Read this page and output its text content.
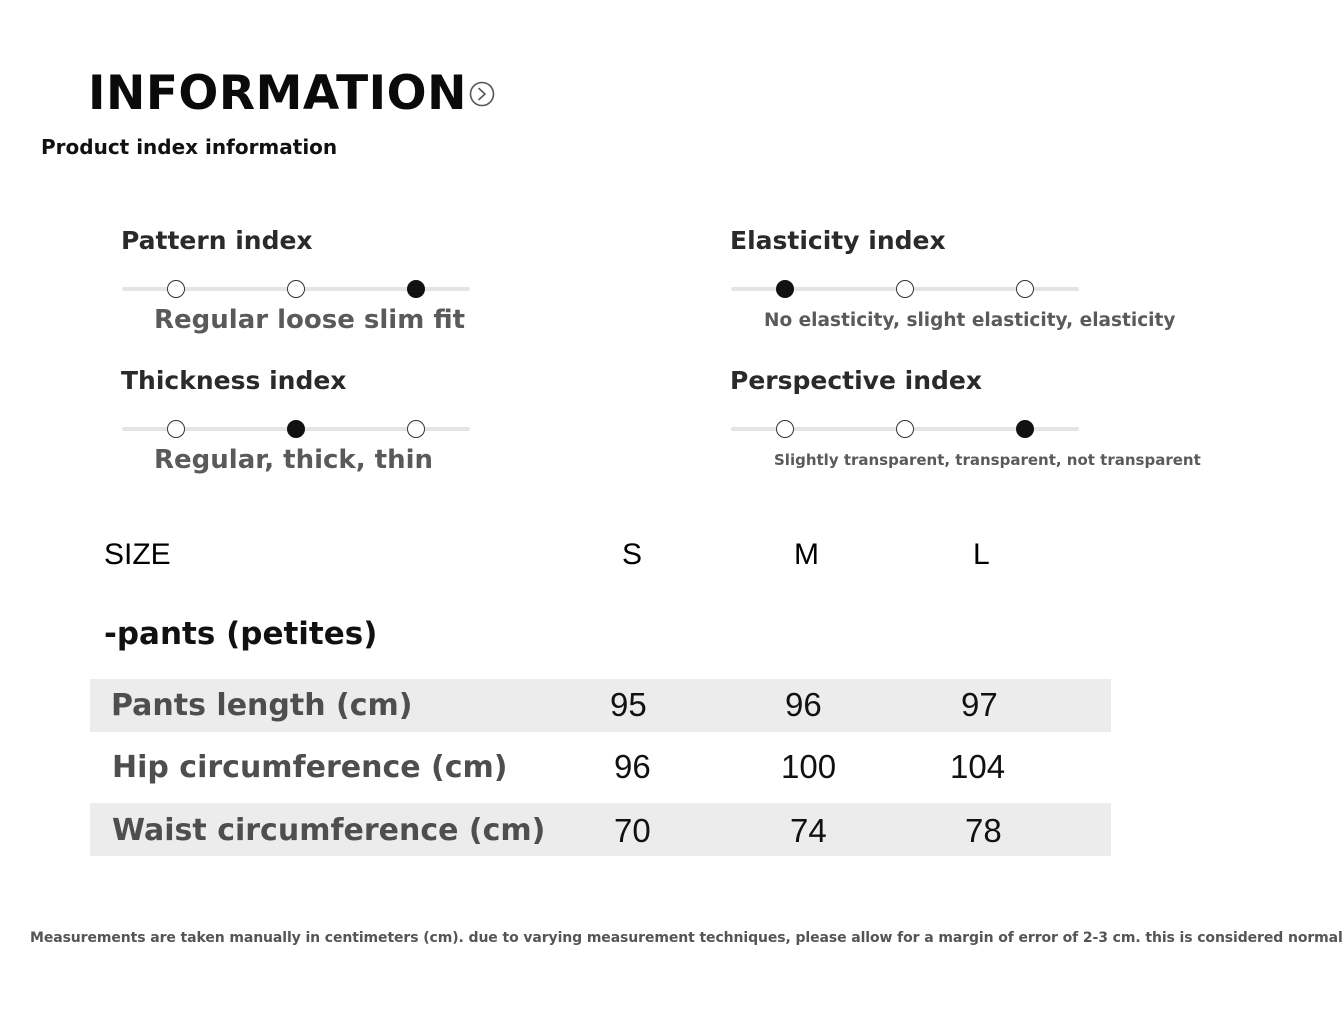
INFORMATION
Product index information
Pattern index
Regular loose slim fit
Elasticity index
No elasticity, slight elasticity, elasticity
Thickness index
Regular, thick, thin
Perspective index
Slightly transparent, transparent, not transparent
SIZE	S	M	L
-pants (petites)
Pants length (cm)	95	96	97
Hip circumference (cm)	96	100	104
Waist circumference (cm) 70	74	78
Measurements are taken manually in centimeters (cm). due to varying measurement techniques, please allow for a margin of error of 2-3 cm. this is considered normal
